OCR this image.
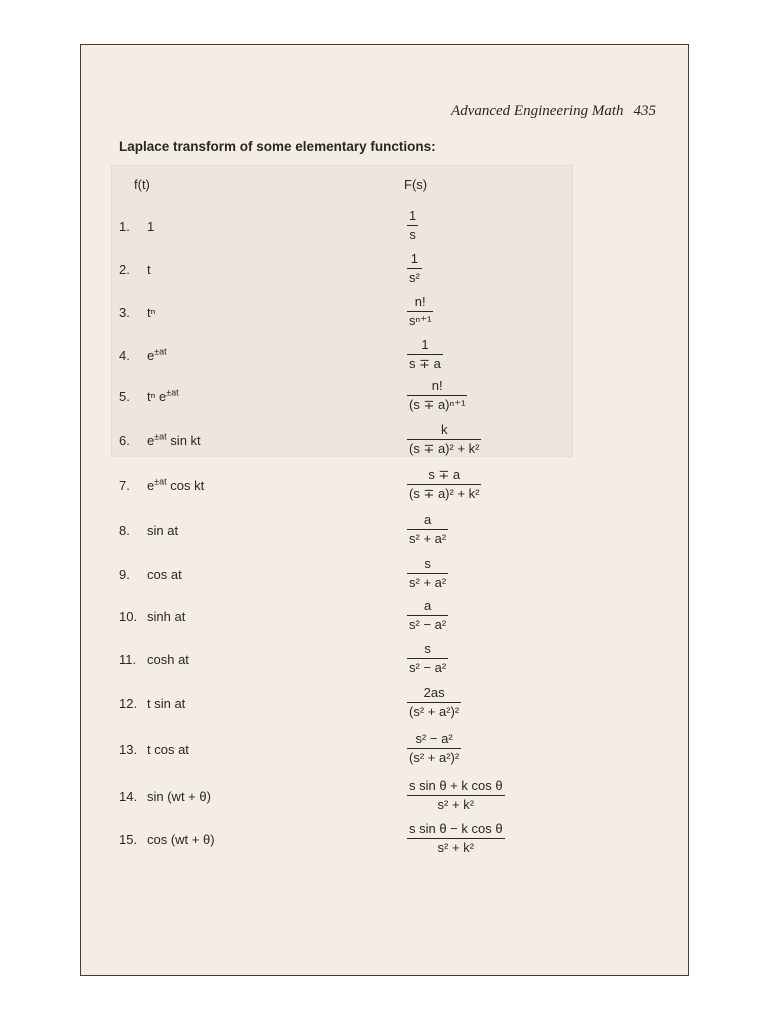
Advanced Engineering Math 435
Laplace transform of some elementary functions:
f(t)	F(s)
1. 1	$\frac{1}{s}$
2. t	$\frac{1}{\text{s²}}$
3. tⁿ	$\frac{n!}{\text{sⁿ⁺¹}}$
4. $e^{\pm at}$	$\frac{1}{s \mp a}$
5. tⁿ $e^{\pm at}$	$\frac{n!}{\text{(s ∓ a)ⁿ⁺¹}}$
6. $e^{\pm at}$ sin kt	$\frac{k}{\text{(s ∓ a)² + k²}}$
7. $e^{\pm at}$ cos kt	$\frac{s \mp a}{\text{(s ∓ a)² + k²}}$
8. sin at	$\frac{a}{\text{s² + a²}}$
9. cos at	$\frac{s}{\text{s² + a²}}$
10. sinh at	$\frac{a}{\text{s² − a²}}$
11. cosh at	$\frac{s}{\text{s² − a²}}$
12. t sin at	$\frac{2as}{\text{(s² + a²)²}}$
13. t cos at	$\frac{\text{s² − a²}}{\text{(s² + a²)²}}$
14. sin (wt + θ)	$\frac{\text{s sin θ + k cos θ}}{\text{s² + k²}}$
15. cos (wt + θ)	$\frac{\text{s sin θ − k cos θ}}{\text{s² + k²}}$
